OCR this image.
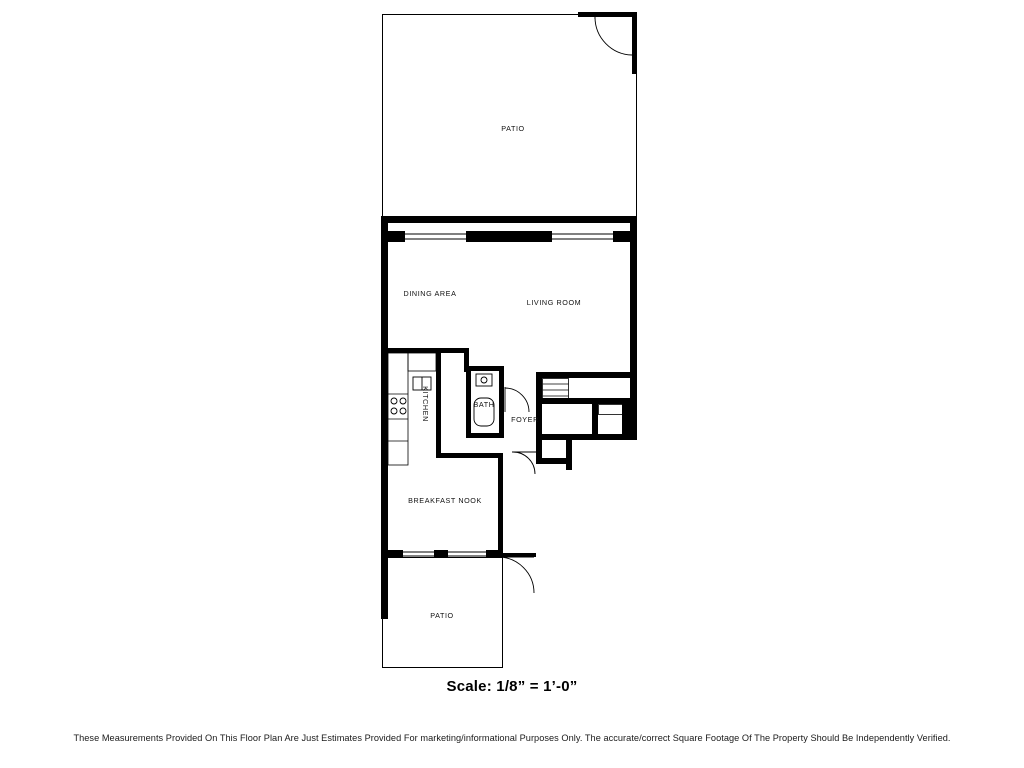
PATIO
DINING AREA
LIVING ROOM
KITCHEN	BATH
FOYER
BREAKFAST NOOK
PATIO
Scale: 1/8” = 1’-0”
These Measurements Provided On This Floor Plan Are Just Estimates Provided For marketing/informational Purposes Only. The accurate/correct Square Footage Of The Property Should Be Independently Verified.
